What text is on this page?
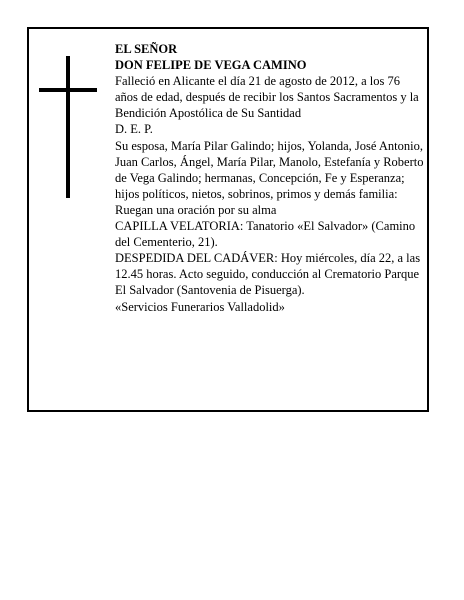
EL SEÑOR

DON FELIPE DE VEGA CAMINO

Falleció en Alicante el día 21 de agosto de 2012, a los 76 años de edad, después de recibir los Santos Sacramentos y la Bendición Apostólica de Su Santidad

D. E. P.

Su esposa, María Pilar Galindo; hijos, Yolanda, José Antonio, Juan Carlos, Ángel, María Pilar, Manolo, Estefanía y Roberto de Vega Galindo; hermanas, Concepción, Fe y Esperanza; hijos políticos, nietos, sobrinos, primos y demás familia:

Ruegan una oración por su alma

CAPILLA VELATORIA: Tanatorio «El Salvador» (Camino del Cementerio, 21).

DESPEDIDA DEL CADÁVER: Hoy miércoles, día 22, a las 12.45 horas. Acto seguido, conducción al Crematorio Parque El Salvador (Santovenia de Pisuerga).

«Servicios Funerarios Valladolid»
